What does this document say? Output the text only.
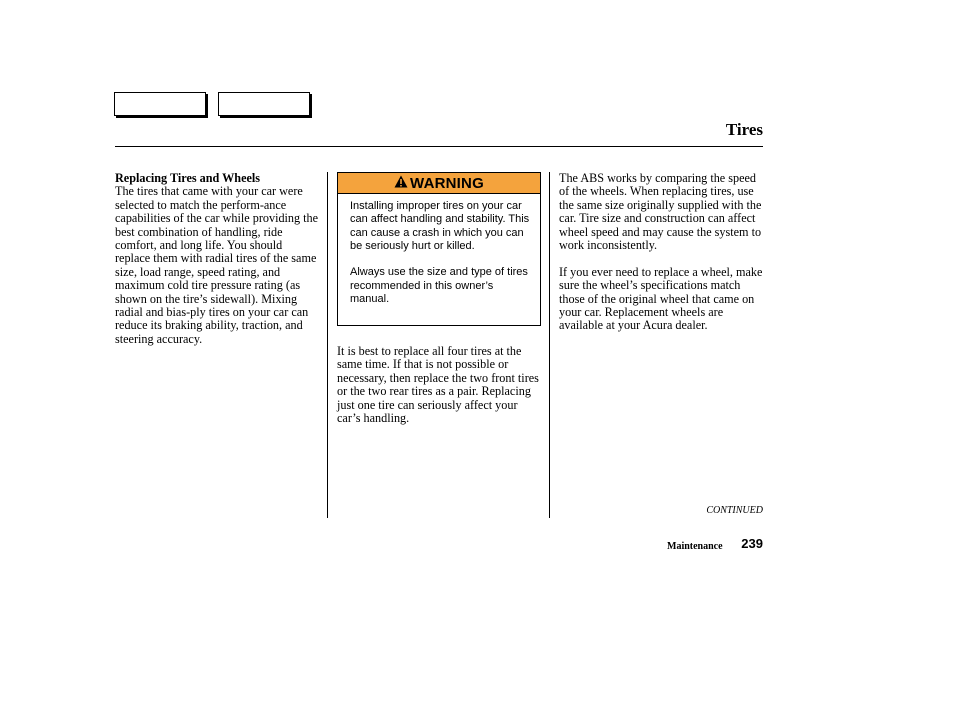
Tires
Replacing Tires and Wheels

The tires that came with your car were selected to match the perform-ance capabilities of the car while providing the best combination of handling, ride comfort, and long life. You should replace them with radial tires of the same size, load range, speed rating, and maximum cold tire pressure rating (as shown on the tire’s sidewall). Mixing radial and bias-ply tires on your car can reduce its braking ability, traction, and steering accuracy.

WARNING

Installing improper tires on your car can affect handling and stability. This can cause a crash in which you can be seriously hurt or killed.

Always use the size and type of tires recommended in this owner’s manual.

It is best to replace all four tires at the same time. If that is not possible or necessary, then replace the two front tires or the two rear tires as a pair. Replacing just one tire can seriously affect your car’s handling.

The ABS works by comparing the speed of the wheels. When replacing tires, use the same size originally supplied with the car. Tire size and construction can affect wheel speed and may cause the system to work inconsistently.

If you ever need to replace a wheel, make sure the wheel’s specifications match those of the original wheel that came on your car. Replacement wheels are available at your Acura dealer.

CONTINUED
Maintenance 239
